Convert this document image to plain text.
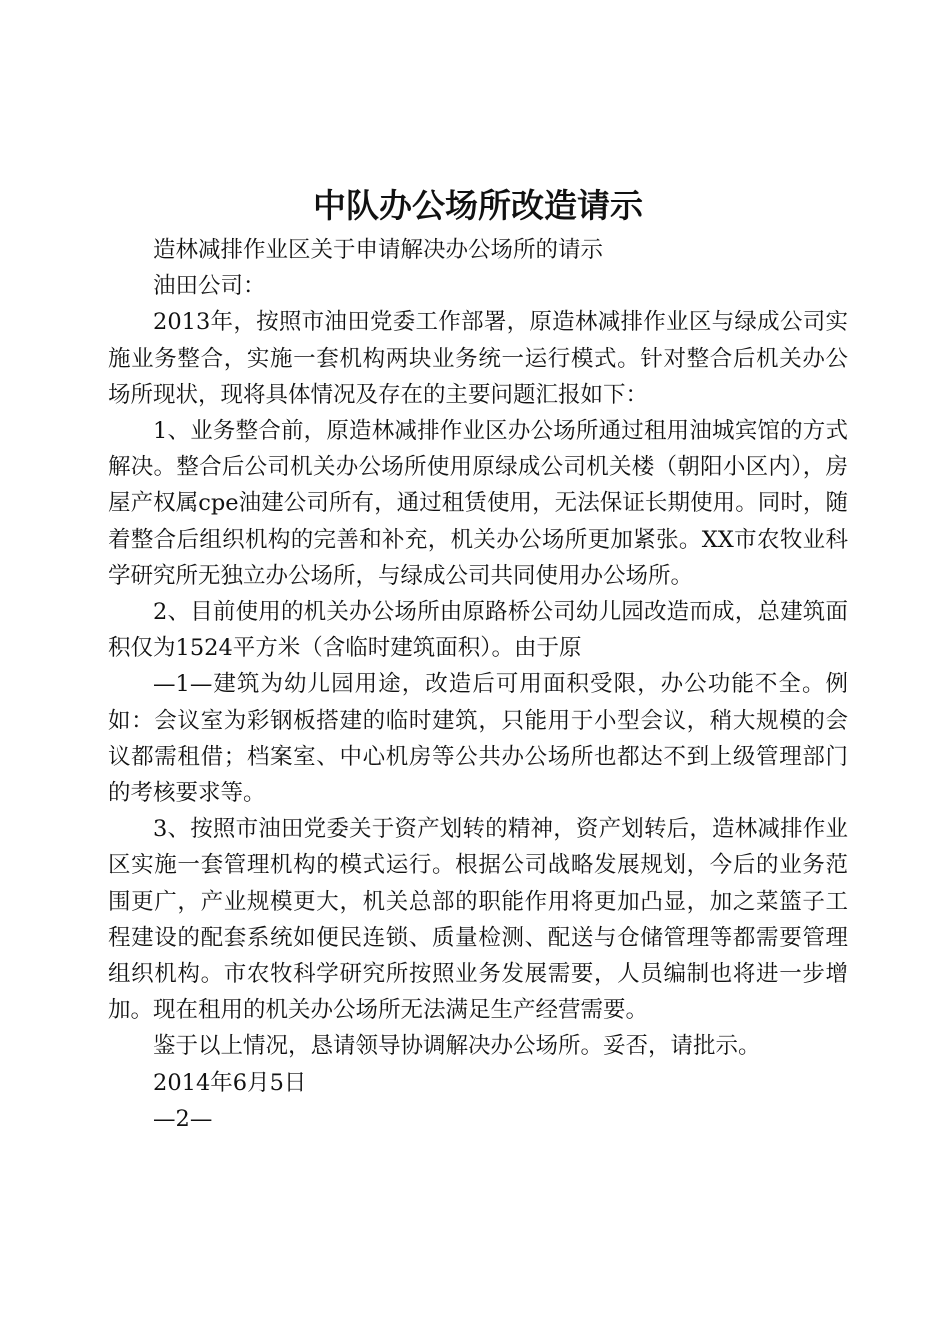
中队办公场所改造请示

造林减排作业区关于申请解决办公场所的请示

油田公司：

2013年，按照市油田党委工作部署，原造林减排作业区与绿成公司实施业务整合，实施一套机构两块业务统一运行模式。针对整合后机关办公场所现状，现将具体情况及存在的主要问题汇报如下：

1、业务整合前，原造林减排作业区办公场所通过租用油城宾馆的方式解决。整合后公司机关办公场所使用原绿成公司机关楼（朝阳小区内），房屋产权属cpe油建公司所有，通过租赁使用，无法保证长期使用。同时，随着整合后组织机构的完善和补充，机关办公场所更加紧张。XX市农牧业科学研究所无独立办公场所，与绿成公司共同使用办公场所。

2、目前使用的机关办公场所由原路桥公司幼儿园改造而成，总建筑面积仅为1524平方米（含临时建筑面积）。由于原

—1—建筑为幼儿园用途，改造后可用面积受限，办公功能不全。例如：会议室为彩钢板搭建的临时建筑，只能用于小型会议，稍大规模的会议都需租借；档案室、中心机房等公共办公场所也都达不到上级管理部门的考核要求等。

3、按照市油田党委关于资产划转的精神，资产划转后，造林减排作业区实施一套管理机构的模式运行。根据公司战略发展规划，今后的业务范围更广，产业规模更大，机关总部的职能作用将更加凸显，加之菜篮子工程建设的配套系统如便民连锁、质量检测、配送与仓储管理等都需要管理组织机构。市农牧科学研究所按照业务发展需要，人员编制也将进一步增加。现在租用的机关办公场所无法满足生产经营需要。

鉴于以上情况，恳请领导协调解决办公场所。妥否，请批示。

2014年6月5日

—2—
